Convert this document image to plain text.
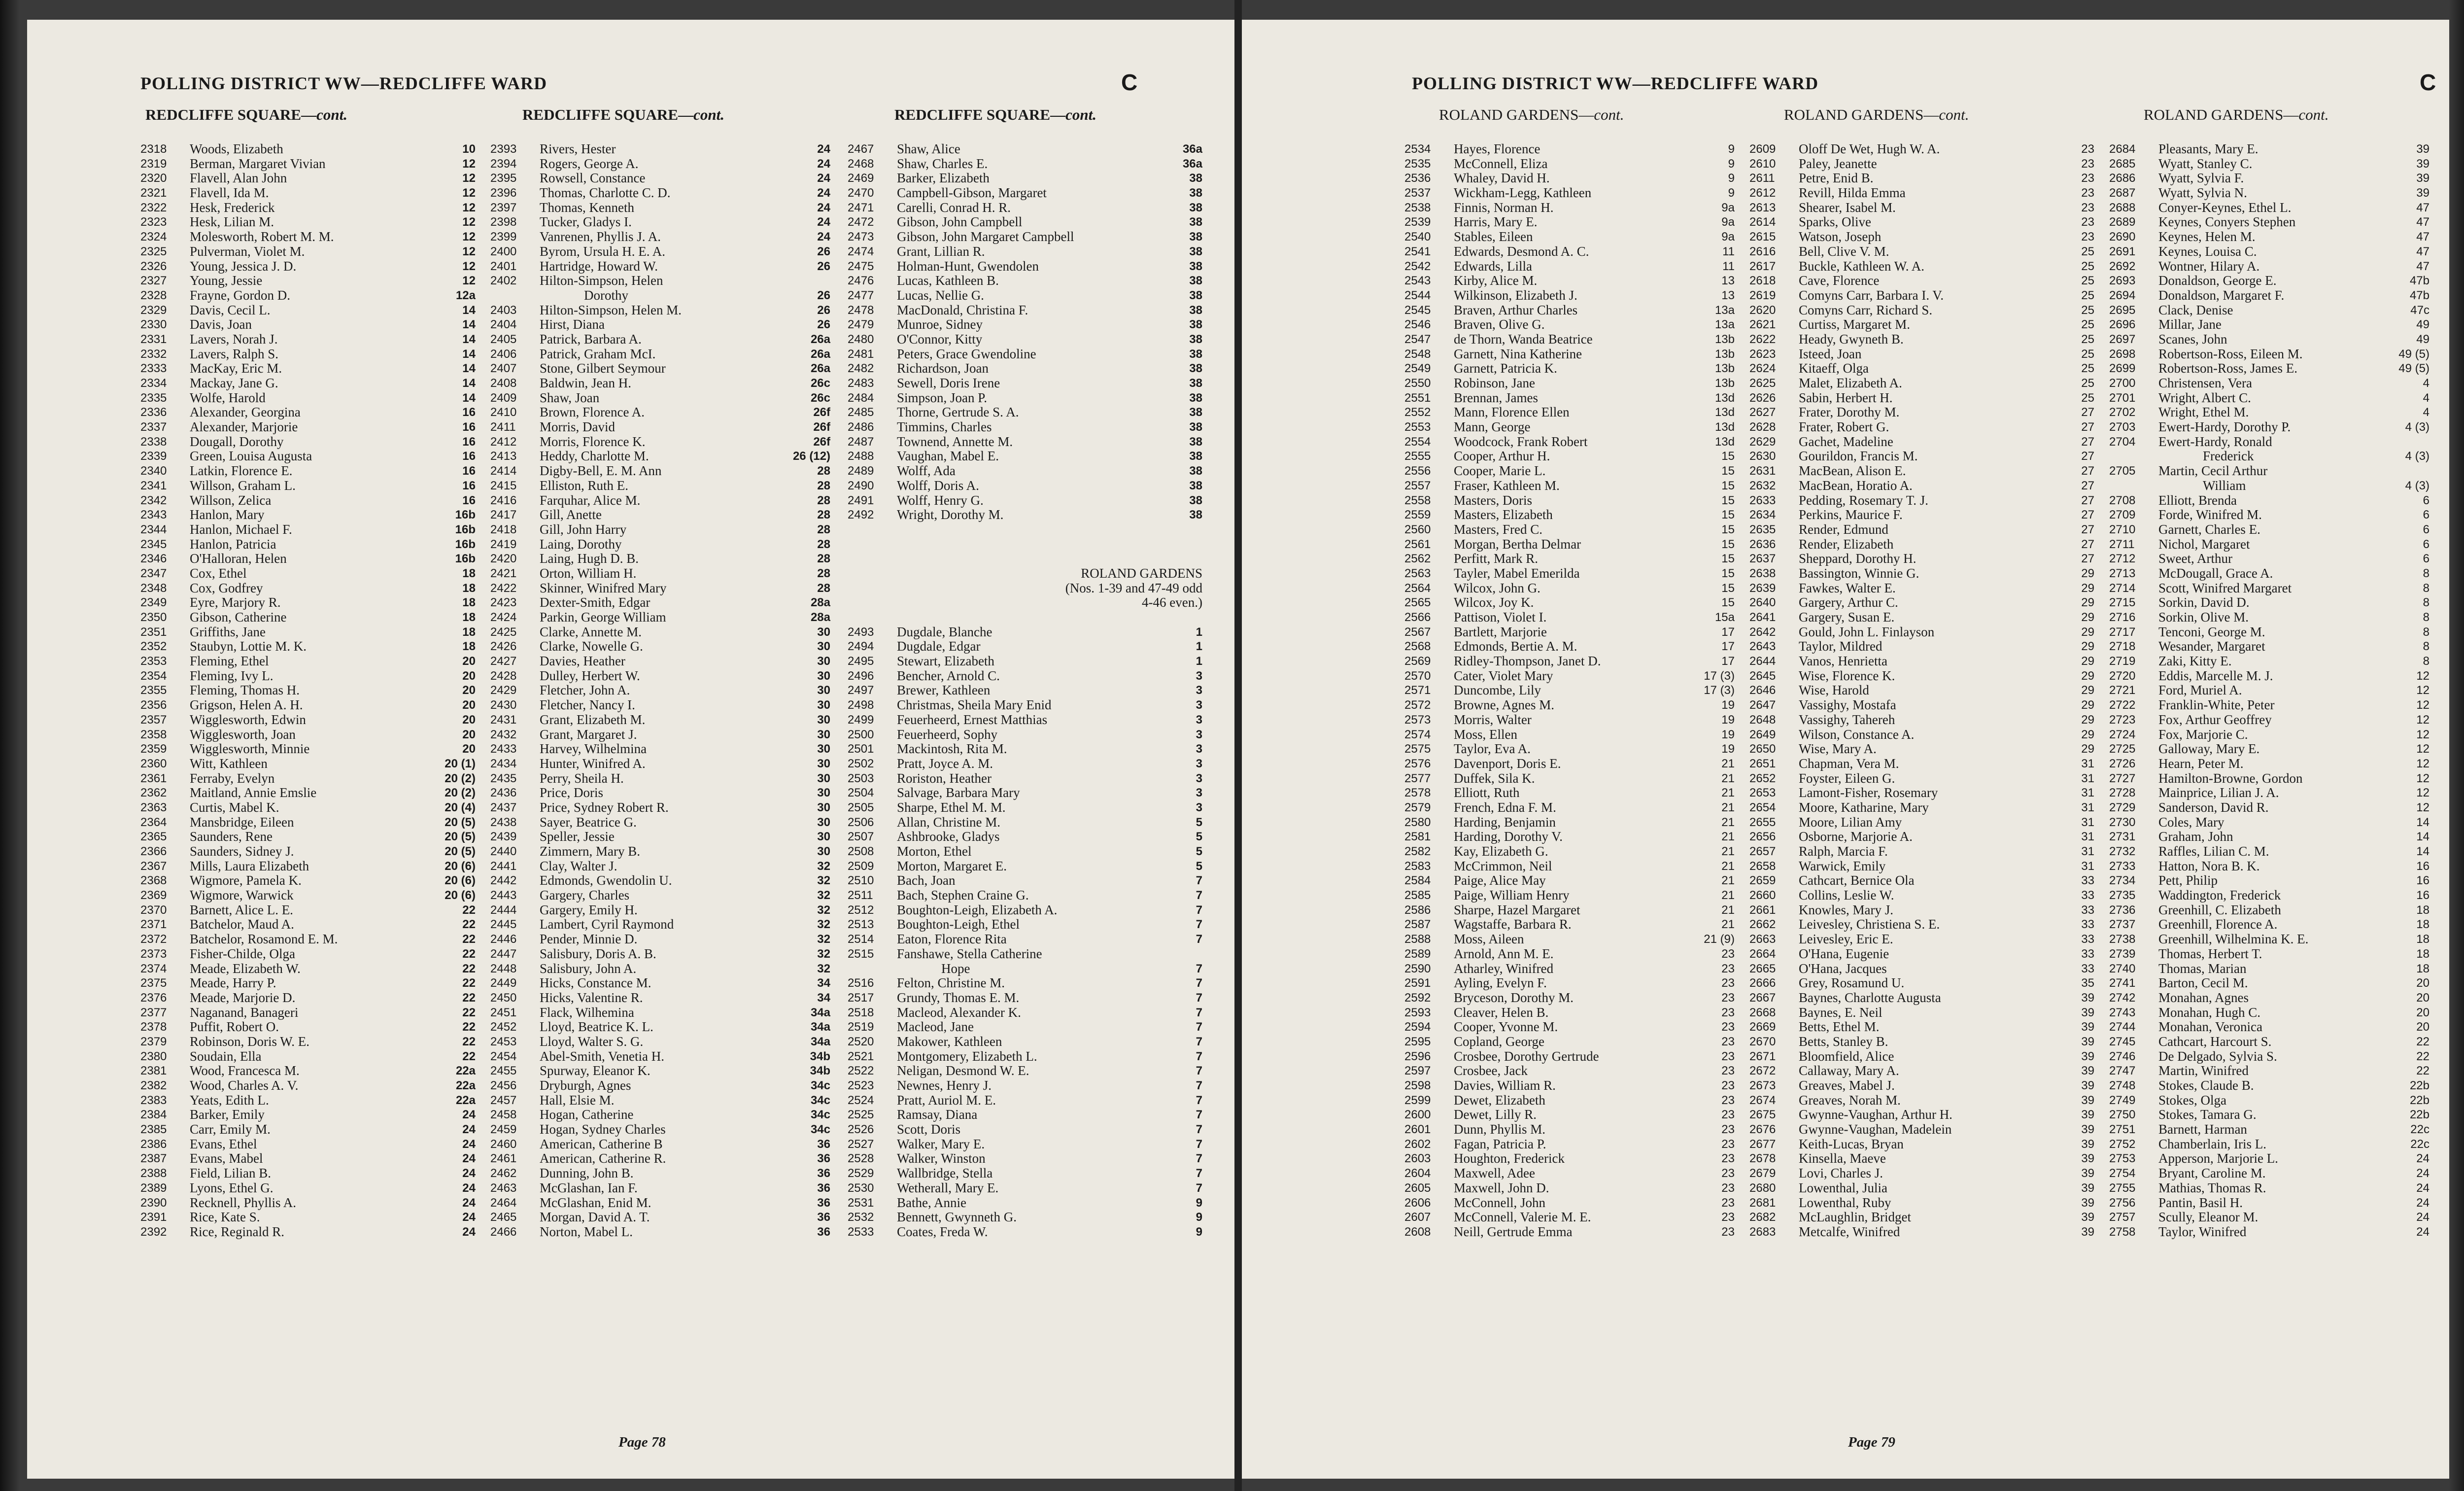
POLLING DISTRICT WW—REDCLIFFE WARD	C
REDCLIFFE SQUARE—cont.	REDCLIFFE SQUARE—cont.	REDCLIFFE SQUARE—cont.
2318 Woods, Elizabeth	10
2319 Berman, Margaret Vivian	12
2320 Flavell, Alan John	12
2321 Flavell, Ida M.	12
2322 Hesk, Frederick	12
2323 Hesk, Lilian M.	12
2324 Molesworth, Robert M. M.	12
2325 Pulverman, Violet M.	12
2326 Young, Jessica J. D.	12
2327 Young, Jessie	12
2328 Frayne, Gordon D.	12a
2329 Davis, Cecil L.	14
2330 Davis, Joan	14
2331 Lavers, Norah J.	14
2332 Lavers, Ralph S.	14
2333 MacKay, Eric M.	14
2334 Mackay, Jane G.	14
2335 Wolfe, Harold	14
2336 Alexander, Georgina	16
2337 Alexander, Marjorie	16
2338 Dougall, Dorothy	16
2339 Green, Louisa Augusta	16
2340 Latkin, Florence E.	16
2341 Willson, Graham L.	16
2342 Willson, Zelica	16
2343 Hanlon, Mary	16b
2344 Hanlon, Michael F.	16b
2345 Hanlon, Patricia	16b
2346 O'Halloran, Helen	16b
2347 Cox, Ethel	18
2348 Cox, Godfrey	18
2349 Eyre, Marjory R.	18
2350 Gibson, Catherine	18
2351 Griffiths, Jane	18
2352 Staubyn, Lottie M. K.	18
2353 Fleming, Ethel	20
2354 Fleming, Ivy L.	20
2355 Fleming, Thomas H.	20
2356 Grigson, Helen A. H.	20
2357 Wigglesworth, Edwin	20
2358 Wigglesworth, Joan	20
2359 Wigglesworth, Minnie	20
2360 Witt, Kathleen	20 (1)
2361 Ferraby, Evelyn	20 (2)
2362 Maitland, Annie Emslie	20 (2)
2363 Curtis, Mabel K.	20 (4)
2364 Mansbridge, Eileen	20 (5)
2365 Saunders, Rene	20 (5)
2366 Saunders, Sidney J.	20 (5)
2367 Mills, Laura Elizabeth	20 (6)
2368 Wigmore, Pamela K.	20 (6)
2369 Wigmore, Warwick	20 (6)
2370 Barnett, Alice L. E.	22
2371 Batchelor, Maud A.	22
2372 Batchelor, Rosamond E. M.	22
2373 Fisher-Childe, Olga	22
2374 Meade, Elizabeth W.	22
2375 Meade, Harry P.	22
2376 Meade, Marjorie D.	22
2377 Naganand, Banageri	22
2378 Puffit, Robert O.	22
2379 Robinson, Doris W. E.	22
2380 Soudain, Ella	22
2381 Wood, Francesca M.	22a
2382 Wood, Charles A. V.	22a
2383 Yeats, Edith L.	22a
2384 Barker, Emily	24
2385 Carr, Emily M.	24
2386 Evans, Ethel	24
2387 Evans, Mabel	24
2388 Field, Lilian B.	24
2389 Lyons, Ethel G.	24
2390 Recknell, Phyllis A.	24
2391 Rice, Kate S.	24
2392 Rice, Reginald R.	24
2393 Rivers, Hester	24
2394 Rogers, George A.	24
2395 Rowsell, Constance	24
2396 Thomas, Charlotte C. D.	24
2397 Thomas, Kenneth	24
2398 Tucker, Gladys I.	24
2399 Vanrenen, Phyllis J. A.	24
2400 Byrom, Ursula H. E. A.	26
2401 Hartridge, Howard W.	26
2402 Hilton-Simpson, Helen
Dorothy	26
2403 Hilton-Simpson, Helen M.	26
2404 Hirst, Diana	26
2405 Patrick, Barbara A.	26a
2406 Patrick, Graham McI.	26a
2407 Stone, Gilbert Seymour	26a
2408 Baldwin, Jean H.	26c
2409 Shaw, Joan	26c
2410 Brown, Florence A.	26f
2411 Morris, David	26f
2412 Morris, Florence K.	26f
2413 Heddy, Charlotte M.	26 (12)
2414 Digby-Bell, E. M. Ann	28
2415 Elliston, Ruth E.	28
2416 Farquhar, Alice M.	28
2417 Gill, Anette	28
2418 Gill, John Harry	28
2419 Laing, Dorothy	28
2420 Laing, Hugh D. B.	28
2421 Orton, William H.	28
2422 Skinner, Winifred Mary	28
2423 Dexter-Smith, Edgar	28a
2424 Parkin, George William	28a
2425 Clarke, Annette M.	30
2426 Clarke, Nowelle G.	30
2427 Davies, Heather	30
2428 Dulley, Herbert W.	30
2429 Fletcher, John A.	30
2430 Fletcher, Nancy I.	30
2431 Grant, Elizabeth M.	30
2432 Grant, Margaret J.	30
2433 Harvey, Wilhelmina	30
2434 Hunter, Winifred A.	30
2435 Perry, Sheila H.	30
2436 Price, Doris	30
2437 Price, Sydney Robert R.	30
2438 Sayer, Beatrice G.	30
2439 Speller, Jessie	30
2440 Zimmern, Mary B.	30
2441 Clay, Walter J.	32
2442 Edmonds, Gwendolin U.	32
2443 Gargery, Charles	32
2444 Gargery, Emily H.	32
2445 Lambert, Cyril Raymond	32
2446 Pender, Minnie D.	32
2447 Salisbury, Doris A. B.	32
2448 Salisbury, John A.	32
2449 Hicks, Constance M.	34
2450 Hicks, Valentine R.	34
2451 Flack, Wilhemina	34a
2452 Lloyd, Beatrice K. L.	34a
2453 Lloyd, Walter S. G.	34a
2454 Abel-Smith, Venetia H.	34b
2455 Spurway, Eleanor K.	34b
2456 Dryburgh, Agnes	34c
2457 Hall, Elsie M.	34c
2458 Hogan, Catherine	34c
2459 Hogan, Sydney Charles	34c
2460 American, Catherine B	36
2461 American, Catherine R.	36
2462 Dunning, John B.	36
2463 McGlashan, Ian F.	36
2464 McGlashan, Enid M.	36
2465 Morgan, David A. T.	36
2466 Norton, Mabel L.	36
2467 Shaw, Alice	36a
2468 Shaw, Charles E.	36a
2469 Barker, Elizabeth	38
2470 Campbell-Gibson, Margaret	38
2471 Carelli, Conrad H. R.	38
2472 Gibson, John Campbell	38
2473 Gibson, John Margaret Campbell	38
2474 Grant, Lillian R.	38
2475 Holman-Hunt, Gwendolen	38
2476 Lucas, Kathleen B.	38
2477 Lucas, Nellie G.	38
2478 MacDonald, Christina F.	38
2479 Munroe, Sidney	38
2480 O'Connor, Kitty	38
2481 Peters, Grace Gwendoline	38
2482 Richardson, Joan	38
2483 Sewell, Doris Irene	38
2484 Simpson, Joan P.	38
2485 Thorne, Gertrude S. A.	38
2486 Timmins, Charles	38
2487 Townend, Annette M.	38
2488 Vaughan, Mabel E.	38
2489 Wolff, Ada	38
2490 Wolff, Doris A.	38
2491 Wolff, Henry G.	38
2492 Wright, Dorothy M.	38
ROLAND GARDENS
(Nos. 1-39 and 47-49 odd
4-46 even.)
2493 Dugdale, Blanche	1
2494 Dugdale, Edgar	1
2495 Stewart, Elizabeth	1
2496 Bencher, Arnold C.	3
2497 Brewer, Kathleen	3
2498 Christmas, Sheila Mary Enid	3
2499 Feuerheerd, Ernest Matthias	3
2500 Feuerheerd, Sophy	3
2501 Mackintosh, Rita M.	3
2502 Pratt, Joyce A. M.	3
2503 Roriston, Heather	3
2504 Salvage, Barbara Mary	3
2505 Sharpe, Ethel M. M.	3
2506 Allan, Christine M.	5
2507 Ashbrooke, Gladys	5
2508 Morton, Ethel	5
2509 Morton, Margaret E.	5
2510 Bach, Joan	7
2511 Bach, Stephen Craine G.	7
2512 Boughton-Leigh, Elizabeth A.	7
2513 Boughton-Leigh, Ethel	7
2514 Eaton, Florence Rita	7
2515 Fanshawe, Stella Catherine
Hope	7
2516 Felton, Christine M.	7
2517 Grundy, Thomas E. M.	7
2518 Macleod, Alexander K.	7
2519 Macleod, Jane	7
2520 Makower, Kathleen	7
2521 Montgomery, Elizabeth L.	7
2522 Neligan, Desmond W. E.	7
2523 Newnes, Henry J.	7
2524 Pratt, Auriol M. E.	7
2525 Ramsay, Diana	7
2526 Scott, Doris	7
2527 Walker, Mary E.	7
2528 Walker, Winston	7
2529 Wallbridge, Stella	7
2530 Wetherall, Mary E.	7
2531 Bathe, Annie	9
2532 Bennett, Gwynneth G.	9
2533 Coates, Freda W.	9
Page 78
POLLING DISTRICT WW—REDCLIFFE WARD	C
ROLAND GARDENS—cont.	ROLAND GARDENS—cont.	ROLAND GARDENS—cont.
2534 Hayes, Florence	9
2535 McConnell, Eliza	9
2536 Whaley, David H.	9
2537 Wickham-Legg, Kathleen	9
2538 Finnis, Norman H.	9a
2539 Harris, Mary E.	9a
2540 Stables, Eileen	9a
2541 Edwards, Desmond A. C.	11
2542 Edwards, Lilla	11
2543 Kirby, Alice M.	13
2544 Wilkinson, Elizabeth J.	13
2545 Braven, Arthur Charles	13a
2546 Braven, Olive G.	13a
2547 de Thorn, Wanda Beatrice	13b
2548 Garnett, Nina Katherine	13b
2549 Garnett, Patricia K.	13b
2550 Robinson, Jane	13b
2551 Brennan, James	13d
2552 Mann, Florence Ellen	13d
2553 Mann, George	13d
2554 Woodcock, Frank Robert	13d
2555 Cooper, Arthur H.	15
2556 Cooper, Marie L.	15
2557 Fraser, Kathleen M.	15
2558 Masters, Doris	15
2559 Masters, Elizabeth	15
2560 Masters, Fred C.	15
2561 Morgan, Bertha Delmar	15
2562 Perfitt, Mark R.	15
2563 Tayler, Mabel Emerilda	15
2564 Wilcox, John G.	15
2565 Wilcox, Joy K.	15
2566 Pattison, Violet I.	15a
2567 Bartlett, Marjorie	17
2568 Edmonds, Bertie A. M.	17
2569 Ridley-Thompson, Janet D.	17
2570 Cater, Violet Mary	17 (3)
2571 Duncombe, Lily	17 (3)
2572 Browne, Agnes M.	19
2573 Morris, Walter	19
2574 Moss, Ellen	19
2575 Taylor, Eva A.	19
2576 Davenport, Doris E.	21
2577 Duffek, Sila K.	21
2578 Elliott, Ruth	21
2579 French, Edna F. M.	21
2580 Harding, Benjamin	21
2581 Harding, Dorothy V.	21
2582 Kay, Elizabeth G.	21
2583 McCrimmon, Neil	21
2584 Paige, Alice May	21
2585 Paige, William Henry	21
2586 Sharpe, Hazel Margaret	21
2587 Wagstaffe, Barbara R.	21
2588 Moss, Aileen	21 (9)
2589 Arnold, Ann M. E.	23
2590 Atharley, Winifred	23
2591 Ayling, Evelyn F.	23
2592 Bryceson, Dorothy M.	23
2593 Cleaver, Helen B.	23
2594 Cooper, Yvonne M.	23
2595 Copland, George	23
2596 Crosbee, Dorothy Gertrude	23
2597 Crosbee, Jack	23
2598 Davies, William R.	23
2599 Dewet, Elizabeth	23
2600 Dewet, Lilly R.	23
2601 Dunn, Phyllis M.	23
2602 Fagan, Patricia P.	23
2603 Houghton, Frederick	23
2604 Maxwell, Adee	23
2605 Maxwell, John D.	23
2606 McConnell, John	23
2607 McConnell, Valerie M. E.	23
2608 Neill, Gertrude Emma	23
2609 Oloff De Wet, Hugh W. A.	23
2610 Paley, Jeanette	23
2611 Petre, Enid B.	23
2612 Revill, Hilda Emma	23
2613 Shearer, Isabel M.	23
2614 Sparks, Olive	23
2615 Watson, Joseph	23
2616 Bell, Clive V. M.	25
2617 Buckle, Kathleen W. A.	25
2618 Cave, Florence	25
2619 Comyns Carr, Barbara I. V.	25
2620 Comyns Carr, Richard S.	25
2621 Curtiss, Margaret M.	25
2622 Heady, Gwyneth B.	25
2623 Isteed, Joan	25
2624 Kitaeff, Olga	25
2625 Malet, Elizabeth A.	25
2626 Sabin, Herbert H.	25
2627 Frater, Dorothy M.	27
2628 Frater, Robert G.	27
2629 Gachet, Madeline	27
2630 Gourildon, Francis M.	27
2631 MacBean, Alison E.	27
2632 MacBean, Horatio A.	27
2633 Pedding, Rosemary T. J.	27
2634 Perkins, Maurice F.	27
2635 Render, Edmund	27
2636 Render, Elizabeth	27
2637 Sheppard, Dorothy H.	27
2638 Bassington, Winnie G.	29
2639 Fawkes, Walter E.	29
2640 Gargery, Arthur C.	29
2641 Gargery, Susan E.	29
2642 Gould, John L. Finlayson	29
2643 Taylor, Mildred	29
2644 Vanos, Henrietta	29
2645 Wise, Florence K.	29
2646 Wise, Harold	29
2647 Vassighy, Mostafa	29
2648 Vassighy, Tahereh	29
2649 Wilson, Constance A.	29
2650 Wise, Mary A.	29
2651 Chapman, Vera M.	31
2652 Foyster, Eileen G.	31
2653 Lamont-Fisher, Rosemary	31
2654 Moore, Katharine, Mary	31
2655 Moore, Lilian Amy	31
2656 Osborne, Marjorie A.	31
2657 Ralph, Marcia F.	31
2658 Warwick, Emily	31
2659 Cathcart, Bernice Ola	33
2660 Collins, Leslie W.	33
2661 Knowles, Mary J.	33
2662 Leivesley, Christiena S. E.	33
2663 Leivesley, Eric E.	33
2664 O'Hana, Eugenie	33
2665 O'Hana, Jacques	33
2666 Grey, Rosamund U.	35
2667 Baynes, Charlotte Augusta	39
2668 Baynes, E. Neil	39
2669 Betts, Ethel M.	39
2670 Betts, Stanley B.	39
2671 Bloomfield, Alice	39
2672 Callaway, Mary A.	39
2673 Greaves, Mabel J.	39
2674 Greaves, Norah M.	39
2675 Gwynne-Vaughan, Arthur H.	39
2676 Gwynne-Vaughan, Madelein	39
2677 Keith-Lucas, Bryan	39
2678 Kinsella, Maeve	39
2679 Lovi, Charles J.	39
2680 Lowenthal, Julia	39
2681 Lowenthal, Ruby	39
2682 McLaughlin, Bridget	39
2683 Metcalfe, Winifred	39
2684 Pleasants, Mary E.	39
2685 Wyatt, Stanley C.	39
2686 Wyatt, Sylvia F.	39
2687 Wyatt, Sylvia N.	39
2688 Conyer-Keynes, Ethel L.	47
2689 Keynes, Conyers Stephen	47
2690 Keynes, Helen M.	47
2691 Keynes, Louisa C.	47
2692 Wontner, Hilary A.	47
2693 Donaldson, George E.	47b
2694 Donaldson, Margaret F.	47b
2695 Clack, Denise	47c
2696 Millar, Jane	49
2697 Scanes, John	49
2698 Robertson-Ross, Eileen M.	49 (5)
2699 Robertson-Ross, James E.	49 (5)
2700 Christensen, Vera	4
2701 Wright, Albert C.	4
2702 Wright, Ethel M.	4
2703 Ewert-Hardy, Dorothy P.	4 (3)
2704 Ewert-Hardy, Ronald
Frederick	4 (3)
2705 Martin, Cecil Arthur
William	4 (3)
2708 Elliott, Brenda	6
2709 Forde, Winifred M.	6
2710 Garnett, Charles E.	6
2711 Nichol, Margaret	6
2712 Sweet, Arthur	6
2713 McDougall, Grace A.	8
2714 Scott, Winifred Margaret	8
2715 Sorkin, David D.	8
2716 Sorkin, Olive M.	8
2717 Tenconi, George M.	8
2718 Wesander, Margaret	8
2719 Zaki, Kitty E.	8
2720 Eddis, Marcelle M. J.	12
2721 Ford, Muriel A.	12
2722 Franklin-White, Peter	12
2723 Fox, Arthur Geoffrey	12
2724 Fox, Marjorie C.	12
2725 Galloway, Mary E.	12
2726 Hearn, Peter M.	12
2727 Hamilton-Browne, Gordon	12
2728 Mainprice, Lilian J. A.	12
2729 Sanderson, David R.	12
2730 Coles, Mary	14
2731 Graham, John	14
2732 Raffles, Lilian C. M.	14
2733 Hatton, Nora B. K.	16
2734 Pett, Philip	16
2735 Waddington, Frederick	16
2736 Greenhill, C. Elizabeth	18
2737 Greenhill, Florence A.	18
2738 Greenhill, Wilhelmina K. E.	18
2739 Thomas, Herbert T.	18
2740 Thomas, Marian	18
2741 Barton, Cecil M.	20
2742 Monahan, Agnes	20
2743 Monahan, Hugh C.	20
2744 Monahan, Veronica	20
2745 Cathcart, Harcourt S.	22
2746 De Delgado, Sylvia S.	22
2747 Martin, Winifred	22
2748 Stokes, Claude B.	22b
2749 Stokes, Olga	22b
2750 Stokes, Tamara G.	22b
2751 Barnett, Harman	22c
2752 Chamberlain, Iris L.	22c
2753 Apperson, Marjorie L.	24
2754 Bryant, Caroline M.	24
2755 Mathias, Thomas R.	24
2756 Pantin, Basil H.	24
2757 Scully, Eleanor M.	24
2758 Taylor, Winifred	24
Page 79
